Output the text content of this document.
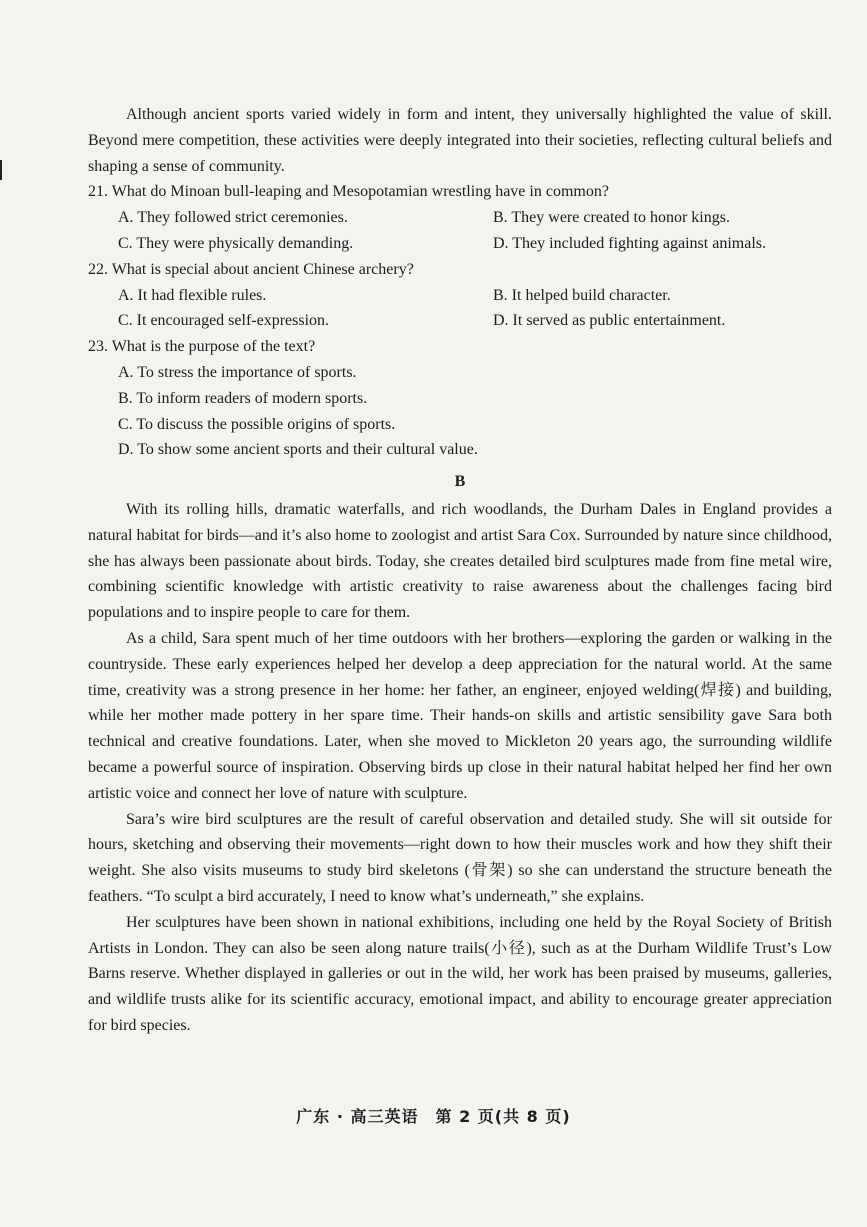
Although ancient sports varied widely in form and intent, they universally highlighted the value of skill. Beyond mere competition, these activities were deeply integrated into their societies, reflecting cultural beliefs and shaping a sense of community.

21. What do Minoan bull-leaping and Mesopotamian wrestling have in common?

A. They followed strict ceremonies.	B. They were created to honor kings.
C. They were physically demanding.	D. They included fighting against animals.

22. What is special about ancient Chinese archery?

A. It had flexible rules.	B. It helped build character.
C. It encouraged self-expression.	D. It served as public entertainment.

23. What is the purpose of the text?

A. To stress the importance of sports.
B. To inform readers of modern sports.
C. To discuss the possible origins of sports.
D. To show some ancient sports and their cultural value.
B

With its rolling hills, dramatic waterfalls, and rich woodlands, the Durham Dales in England provides a natural habitat for birds—and it’s also home to zoologist and artist Sara Cox. Surrounded by nature since childhood, she has always been passionate about birds. Today, she creates detailed bird sculptures made from fine metal wire, combining scientific knowledge with artistic creativity to raise awareness about the challenges facing bird populations and to inspire people to care for them.

As a child, Sara spent much of her time outdoors with her brothers—exploring the garden or walking in the countryside. These early experiences helped her develop a deep appreciation for the natural world. At the same time, creativity was a strong presence in her home: her father, an engineer, enjoyed welding(焊接) and building, while her mother made pottery in her spare time. Their hands-on skills and artistic sensibility gave Sara both technical and creative foundations. Later, when she moved to Mickleton 20 years ago, the surrounding wildlife became a powerful source of inspiration. Observing birds up close in their natural habitat helped her find her own artistic voice and connect her love of nature with sculpture.

Sara’s wire bird sculptures are the result of careful observation and detailed study. She will sit outside for hours, sketching and observing their movements—right down to how their muscles work and how they shift their weight. She also visits museums to study bird skeletons (骨架) so she can understand the structure beneath the feathers. “To sculpt a bird accurately, I need to know what’s underneath,” she explains.

Her sculptures have been shown in national exhibitions, including one held by the Royal Society of British Artists in London. They can also be seen along nature trails(小径), such as at the Durham Wildlife Trust’s Low Barns reserve. Whether displayed in galleries or out in the wild, her work has been praised by museums, galleries, and wildlife trusts alike for its scientific accuracy, emotional impact, and ability to encourage greater appreciation for bird species.

广东 · 高三英语　第 2 页(共 8 页)
